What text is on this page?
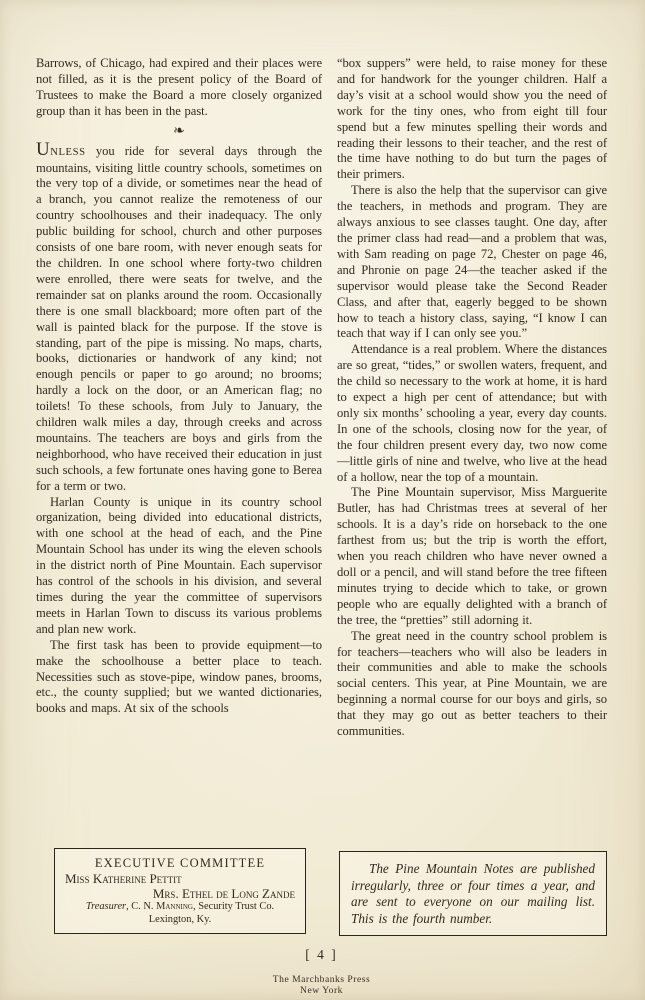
Barrows, of Chicago, had expired and their places were not filled, as it is the present policy of the Board of Trustees to make the Board a more closely organized group than it has been in the past.

❧

UNLESS you ride for several days through the mountains, visiting little country schools, sometimes on the very top of a divide, or sometimes near the head of a branch, you cannot realize the remoteness of our country schoolhouses and their inadequacy. The only public building for school, church and other purposes consists of one bare room, with never enough seats for the children. In one school where forty-two children were enrolled, there were seats for twelve, and the remainder sat on planks around the room. Occasionally there is one small blackboard; more often part of the wall is painted black for the purpose. If the stove is standing, part of the pipe is missing. No maps, charts, books, dictionaries or handwork of any kind; not enough pencils or paper to go around; no brooms; hardly a lock on the door, or an American flag; no toilets! To these schools, from July to January, the children walk miles a day, through creeks and across mountains. The teachers are boys and girls from the neighborhood, who have received their education in just such schools, a few fortunate ones having gone to Berea for a term or two.

Harlan County is unique in its country school organization, being divided into educational districts, with one school at the head of each, and the Pine Mountain School has under its wing the eleven schools in the district north of Pine Mountain. Each supervisor has control of the schools in his division, and several times during the year the committee of supervisors meets in Harlan Town to discuss its various problems and plan new work.

The first task has been to provide equipment—to make the schoolhouse a better place to teach. Necessities such as stove-pipe, window panes, brooms, etc., the county supplied; but we wanted dictionaries, books and maps. At six of the schools

EXECUTIVE COMMITTEE
Miss Katherine Pettit
Mrs. Ethel de Long Zande
Treasurer, C. N. Manning, Security Trust Co.
Lexington, Ky.

“box suppers” were held, to raise money for these and for handwork for the younger children. Half a day’s visit at a school would show you the need of work for the tiny ones, who from eight till four spend but a few minutes spelling their words and reading their lessons to their teacher, and the rest of the time have nothing to do but turn the pages of their primers.

There is also the help that the supervisor can give the teachers, in methods and program. They are always anxious to see classes taught. One day, after the primer class had read—and a problem that was, with Sam reading on page 72, Chester on page 46, and Phronie on page 24—the teacher asked if the supervisor would please take the Second Reader Class, and after that, eagerly begged to be shown how to teach a history class, saying, “I know I can teach that way if I can only see you.”

Attendance is a real problem. Where the distances are so great, “tides,” or swollen waters, frequent, and the child so necessary to the work at home, it is hard to expect a high per cent of attendance; but with only six months’ schooling a year, every day counts. In one of the schools, closing now for the year, of the four children present every day, two now come—little girls of nine and twelve, who live at the head of a hollow, near the top of a mountain.

The Pine Mountain supervisor, Miss Marguerite Butler, has had Christmas trees at several of her schools. It is a day’s ride on horseback to the one farthest from us; but the trip is worth the effort, when you reach children who have never owned a doll or a pencil, and will stand before the tree fifteen minutes trying to decide which to take, or grown people who are equally delighted with a branch of the tree, the “pretties” still adorning it.

The great need in the country school problem is for teachers—teachers who will also be leaders in their communities and able to make the schools social centers. This year, at Pine Mountain, we are beginning a normal course for our boys and girls, so that they may go out as better teachers to their communities.

The Pine Mountain Notes are published irregularly, three or four times a year, and are sent to everyone on our mailing list. This is the fourth number.

[ 4 ]
The Marchbanks Press
New York
